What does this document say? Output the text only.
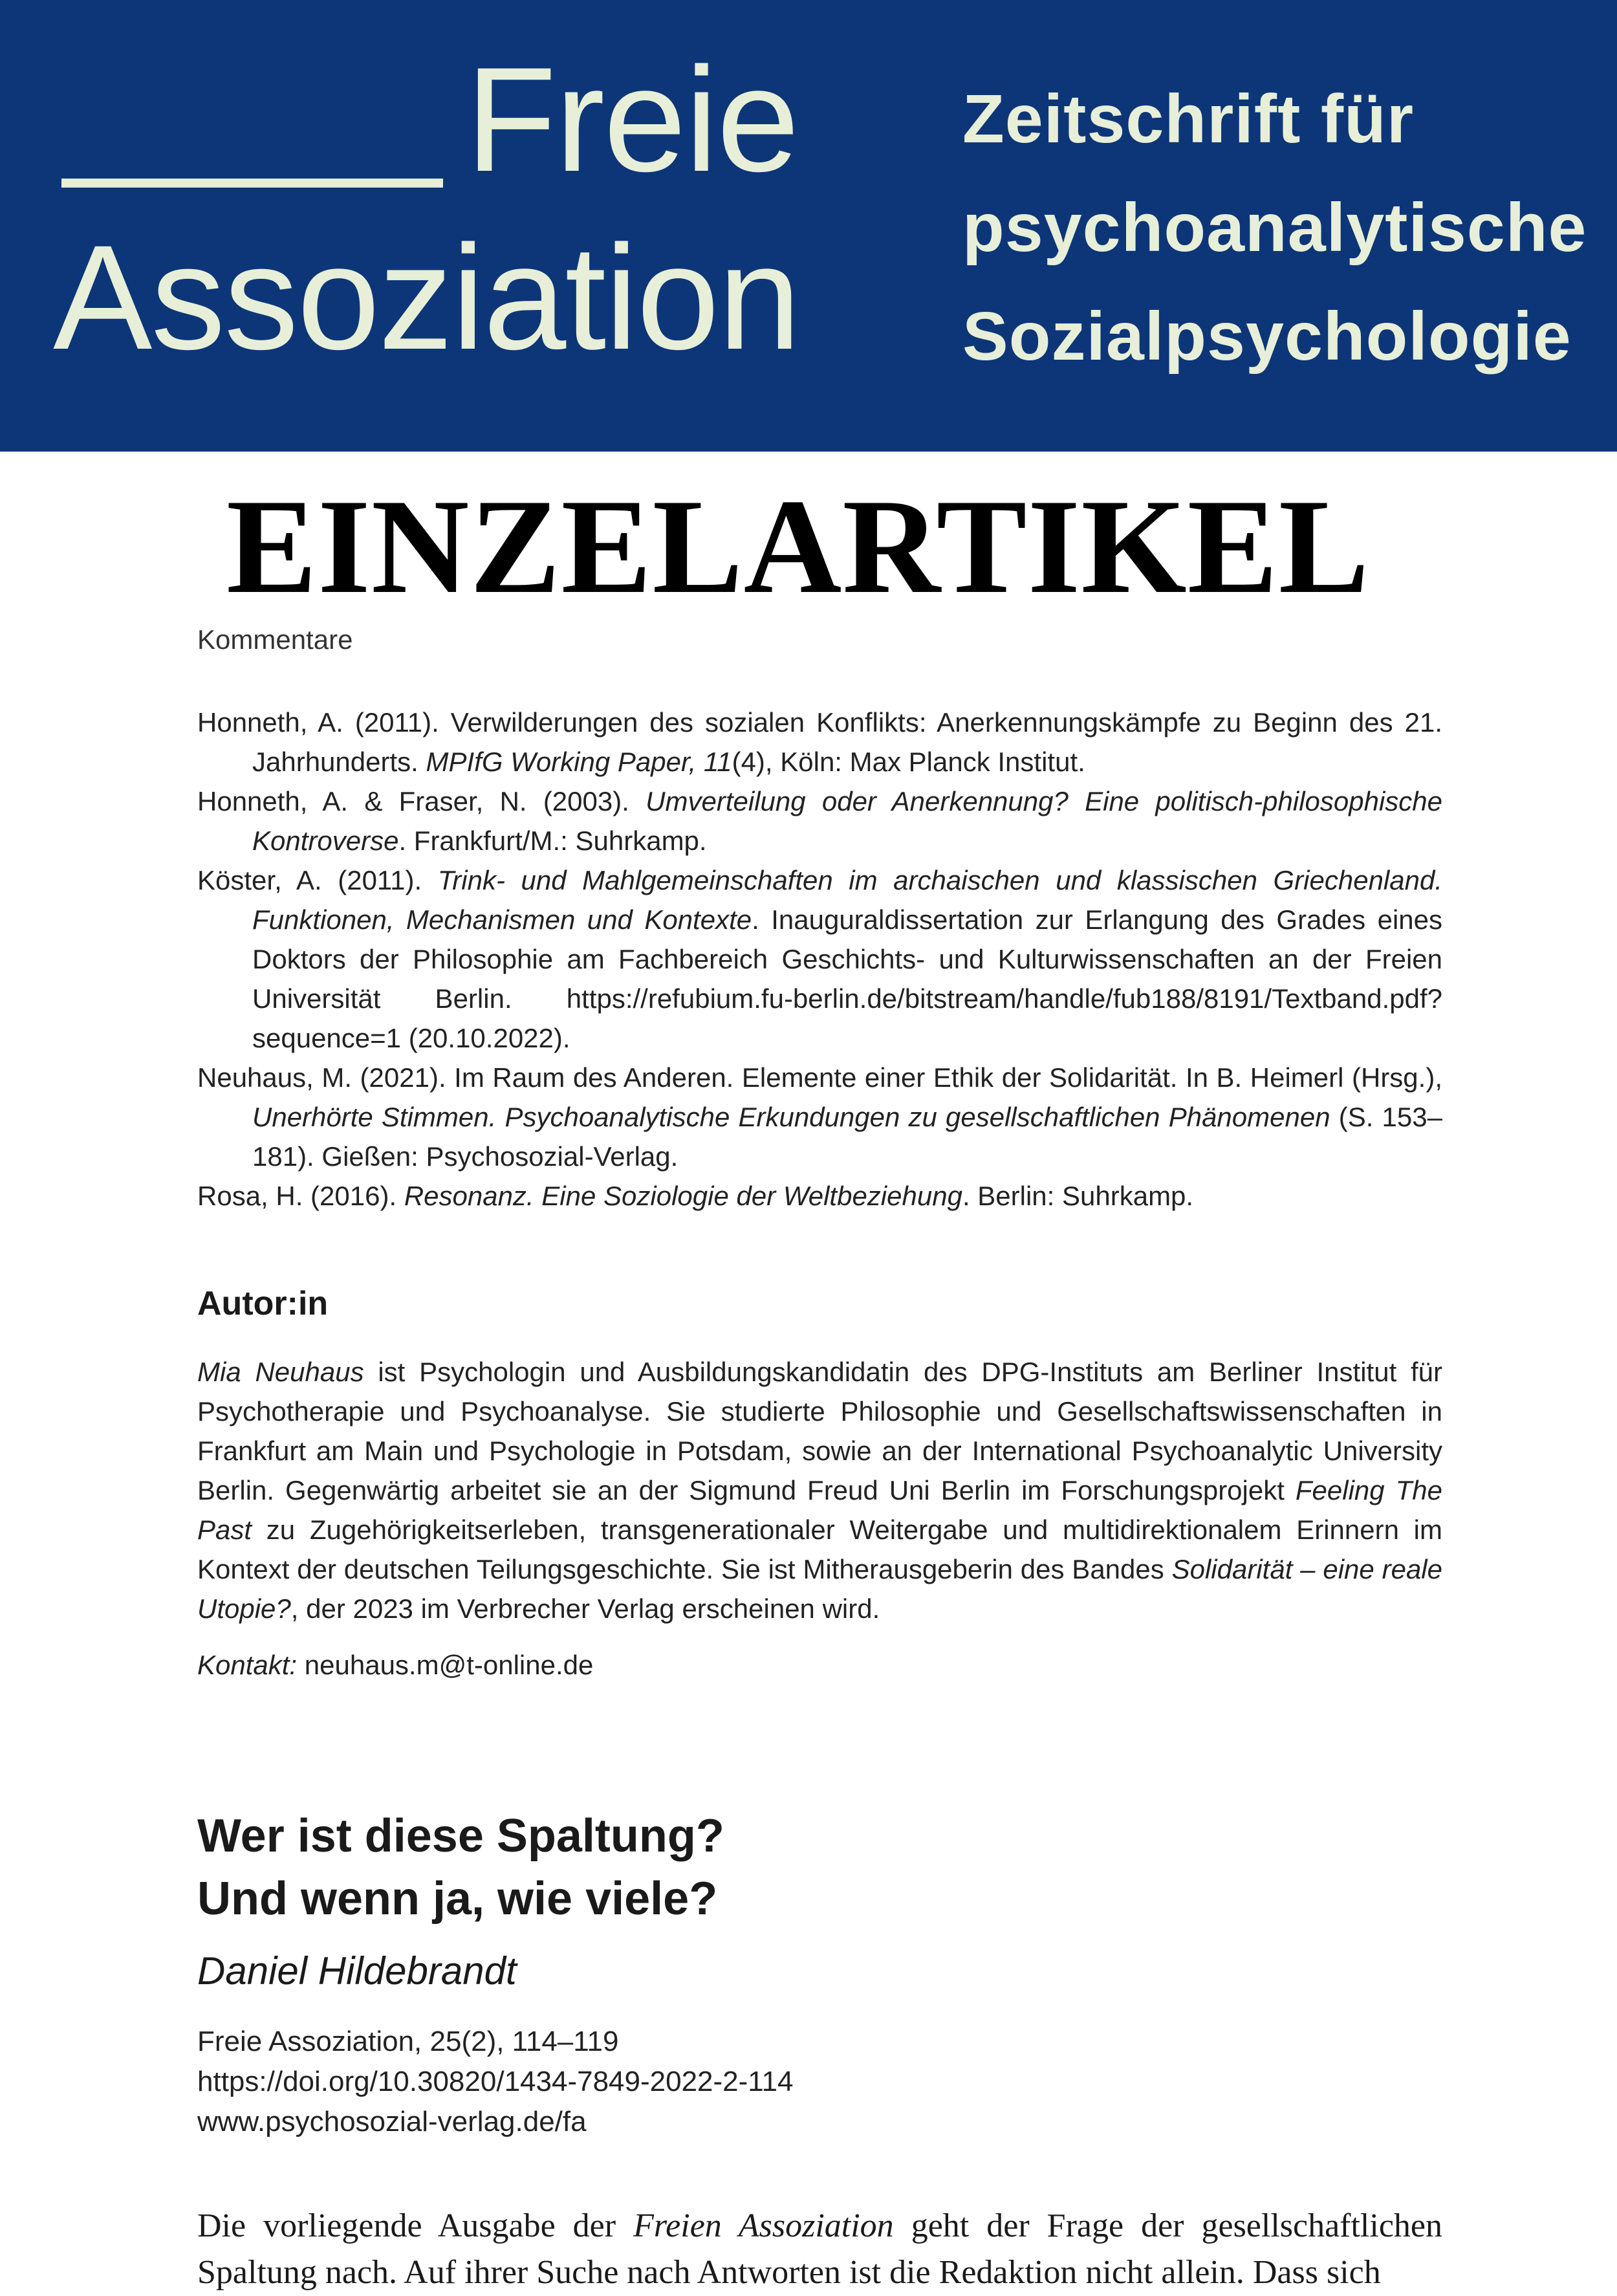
Freie
Assoziation
Zeitschrift für
psychoanalytische
Sozialpsychologie
EINZELARTIKEL
Kommentare
Honneth, A. (2011). Verwilderungen des sozialen Konflikts: Anerkennungskämpfe zu Beginn des 21. Jahrhunderts. MPIfG Working Paper, 11(4), Köln: Max Planck Institut.
Honneth, A. & Fraser, N. (2003). Umverteilung oder Anerkennung? Eine politisch-philosophische Kontroverse. Frankfurt/M.: Suhrkamp.
Köster, A. (2011). Trink- und Mahlgemeinschaften im archaischen und klassischen Griechenland. Funktionen, Mechanismen und Kontexte. Inauguraldissertation zur Erlangung des Grades eines Doktors der Philosophie am Fachbereich Geschichts- und Kulturwissenschaften an der Freien Universität Berlin. https://refubium.fu-berlin.de/bitstream/handle/fub188/8191/Textband.pdf?sequence=1 (20.10.2022).
Neuhaus, M. (2021). Im Raum des Anderen. Elemente einer Ethik der Solidarität. In B. Heimerl (Hrsg.), Unerhörte Stimmen. Psychoanalytische Erkundungen zu gesellschaftlichen Phänomenen (S. 153–181). Gießen: Psychosozial-Verlag.
Rosa, H. (2016). Resonanz. Eine Soziologie der Weltbeziehung. Berlin: Suhrkamp.
Autor:in
Mia Neuhaus ist Psychologin und Ausbildungskandidatin des DPG-Instituts am Berliner Institut für Psychotherapie und Psychoanalyse. Sie studierte Philosophie und Gesellschaftswissenschaften in Frankfurt am Main und Psychologie in Potsdam, sowie an der International Psychoanalytic University Berlin. Gegenwärtig arbeitet sie an der Sigmund Freud Uni Berlin im Forschungsprojekt Feeling The Past zu Zugehörigkeitserleben, transgenerationaler Weitergabe und multidirektionalem Erinnern im Kontext der deutschen Teilungsgeschichte. Sie ist Mitherausgeberin des Bandes Solidarität – eine reale Utopie?, der 2023 im Verbrecher Verlag erscheinen wird.
Kontakt: neuhaus.m@t-online.de
Wer ist diese Spaltung?
Und wenn ja, wie viele?
Daniel Hildebrandt
Freie Assoziation, 25(2), 114–119
https://doi.org/10.30820/1434-7849-2022-2-114
www.psychosozial-verlag.de/fa
Die vorliegende Ausgabe der Freien Assoziation geht der Frage der gesellschaftlichen Spaltung nach. Auf ihrer Suche nach Antworten ist die Redaktion nicht allein. Dass sich
